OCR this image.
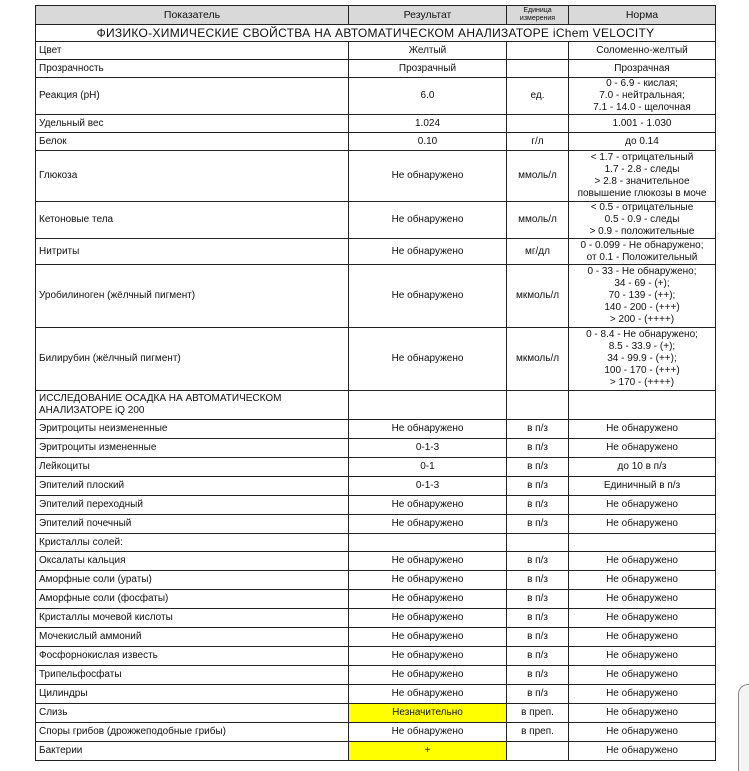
Показатель	Результат	Единица измерения	Норма
ФИЗИКО-ХИМИЧЕСКИЕ СВОЙСТВА НА АВТОМАТИЧЕСКОМ АНАЛИЗАТОРЕ iChem VELOCITY			
Цвет	Желтый		Соломенно-желтый
Прозрачность	Прозрачный		Прозрачная
Реакция (pH)	6.0	ед.	0 - 6.9 - кислая;
7.0 - нейтральная;
7.1 - 14.0 - щелочная
Удельный вес	1.024		1.001 - 1.030
Белок	0.10	г/л	до 0.14
Глюкоза	Не обнаружено	ммоль/л	< 1.7 - отрицательный
1.7 - 2.8 - следы
> 2.8 - значительное
повышение глюкозы в моче
Кетоновые тела	Не обнаружено	ммоль/л	< 0.5 - отрицательные
0.5 - 0.9 - следы
> 0.9 - положительные
Нитриты	Не обнаружено	мг/дл	0 - 0.099 - Не обнаружено;
от 0.1 - Положительный
Уробилиноген (жёлчный пигмент)	Не обнаружено	мкмоль/л	0 - 33 - Не обнаружено;
34 - 69 - (+);
70 - 139 - (++);
140 - 200 - (+++)
> 200 - (++++)
Билирубин (жёлчный пигмент)	Не обнаружено	мкмоль/л	0 - 8.4 - Не обнаружено;
8.5 - 33.9 - (+);
34 - 99.9 - (++);
100 - 170 - (+++)
> 170 - (++++)
ИССЛЕДОВАНИЕ ОСАДКА НА АВТОМАТИЧЕСКОМ АНАЛИЗАТОРЕ iQ 200			
Эритроциты неизмененные	Не обнаружено	в п/з	Не обнаружено
Эритроциты измененные	0-1-3	в п/з	Не обнаружено
Лейкоциты	0-1	в п/з	до 10 в п/з
Эпителий плоский	0-1-3	в п/з	Единичный в п/з
Эпителий переходный	Не обнаружено	в п/з	Не обнаружено
Эпителий почечный	Не обнаружено	в п/з	Не обнаружено
Кристаллы солей:			
Оксалаты кальция	Не обнаружено	в п/з	Не обнаружено
Аморфные соли (ураты)	Не обнаружено	в п/з	Не обнаружено
Аморфные соли (фосфаты)	Не обнаружено	в п/з	Не обнаружено
Кристаллы мочевой кислоты	Не обнаружено	в п/з	Не обнаружено
Мочекислый аммоний	Не обнаружено	в п/з	Не обнаружено
Фосфорнокислая известь	Не обнаружено	в п/з	Не обнаружено
Трипельфосфаты	Не обнаружено	в п/з	Не обнаружено
Цилиндры	Не обнаружено	в п/з	Не обнаружено
Слизь	Незначительно	в преп.	Не обнаружено
Споры грибов (дрожжеподобные грибы)	Не обнаружено	в преп.	Не обнаружено
Бактерии	+		Не обнаружено
